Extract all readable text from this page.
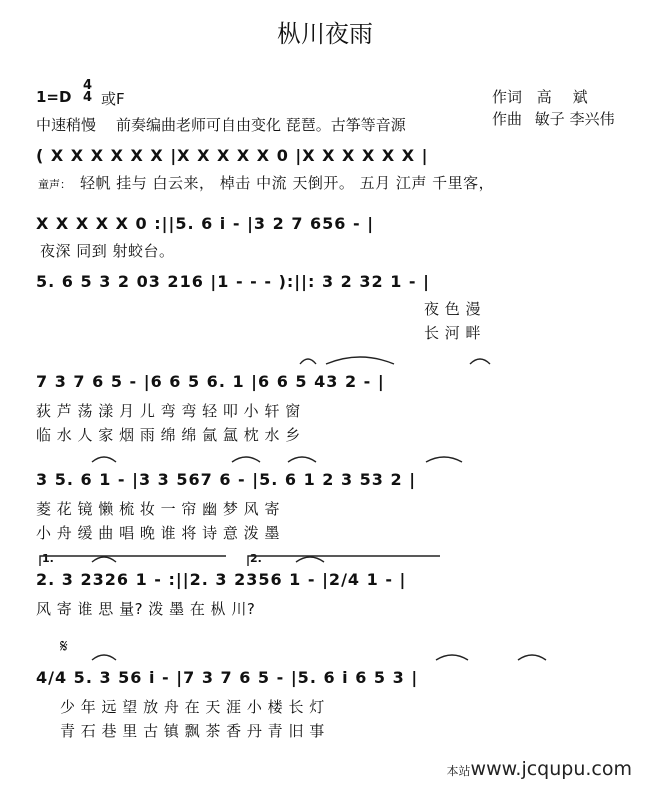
枞川夜雨
1=D
4
4 或F	作词 高 斌
中速稍慢 前奏编曲老师可自由变化 琵琶。古筝等音源	作曲 敏子 李兴伟
( X X X X X X |X X X X X 0 |X X X X X X |
童声： 轻帆 挂与 白云来， 棹击 中流 天倒开。 五月 江声 千里客，
X X X X X 0 :||5. 6 i - |3 2 7 656 - |
夜深 同到 射蛟台。
5. 6 5 3 2 03 216 |1 - - - ):||: 3 2 32 1 - |
夜 色 漫
长 河 畔
7 3 7 6 5 - |6 6 5 6. 1 |6 6 5 43 2 - |
荻 芦 荡 漾 月 儿 弯 弯 轻 叩 小 轩 窗
临 水 人 家 烟 雨 绵 绵 氤 氲 枕 水 乡
3 5. 6 1 - |3 3 567 6 - |5. 6 1 2 3 53 2 |
菱 花 镜 懒 梳 妆 一 帘 幽 梦 风 寄
小 舟 缓 曲 唱 晚 谁 将 诗 意 泼 墨
1.	2.
2. 3 2326 1 - :||2. 3 2356 1 - |2/4 1 - |
风 寄 谁 思 量? 泼 墨 在 枞 川?
𝄋
4/4 5. 3 56 i - |7 3 7 6 5 - |5. 6 i 6 5 3 |
少 年 远 望 放 舟 在 天 涯 小 楼 长 灯
青 石 巷 里 古 镇 飘 茶 香 丹 青 旧 事
本站www.jcqupu.com
